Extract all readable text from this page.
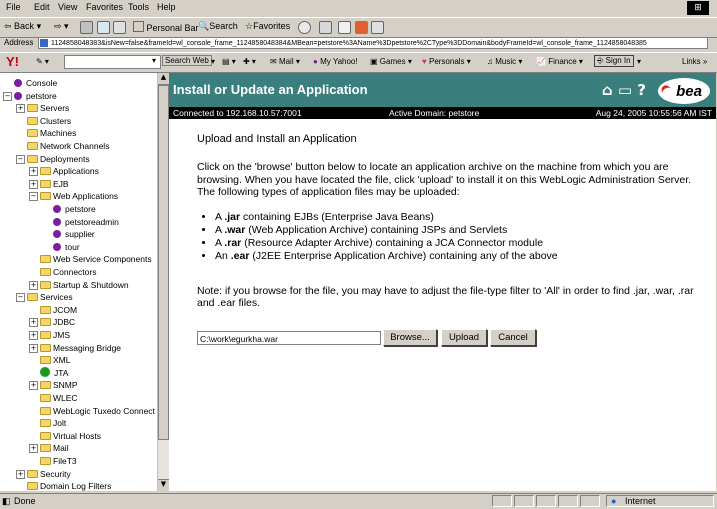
File Edit View Favorites Tools Help	⊞
⇦ Back ▾ ⇨ ▾	Personal Bar 🔍Search ☆Favorites
Address	1124858048383&isNew=false&frameId=wl_console_frame_1124858048384&MBean=petstore%3AName%3Dpetstore%2CType%3DDomain&bodyFrameId=wl_console_frame_1124858048385
Y! ✎ ▾	▾	Search Web ▾ ▤ ▾ ✚ ▾ ✉ Mail ▾ ● My Yahoo! ▣ Games ▾ ♥ Personals ▾ ♫ Music ▾ 📈 Finance ▾	⎆ Sign In ▾	Links »
Console
−	petstore
+	Servers
Clusters
Machines
Network Channels
−	Deployments
+	Applications
+	EJB
−	Web Applications
petstore
petstoreadmin
supplier
tour
Web Service Components
Connectors
+	Startup & Shutdown
−	Services
JCOM
+	JDBC
+	JMS
+	Messaging Bridge
XML
JTA
+	SNMP
WLEC
WebLogic Tuxedo Connect
Jolt
Virtual Hosts
+	Mail
FileT3
+	Security
Domain Log Filters
▲
▼
Install or Update an Application	⌂ ▭ ? bea
Connected to 192.168.10.57:7001	Active Domain: petstore	Aug 24, 2005 10:55:56 AM IST
Upload and Install an Application
Click on the 'browse' button below to locate an application archive on the machine from which you are browsing. When you have located the file, click 'upload' to install it on this WebLogic Administration Server. The following types of application files may be uploaded:
• A .jar containing EJBs (Enterprise Java Beans)
• A .war (Web Application Archive) containing JSPs and Servlets
• A .rar (Resource Adapter Archive) containing a JCA Connector module
• An .ear (J2EE Enterprise Application Archive) containing any of the above
Note: if you browse for the file, you may have to adjust the file-type filter to 'All' in order to find .jar, .war, .rar and .ear files.
C:\work\egurkha.war	Browse...	Upload	Cancel
◧ Done	● Internet
